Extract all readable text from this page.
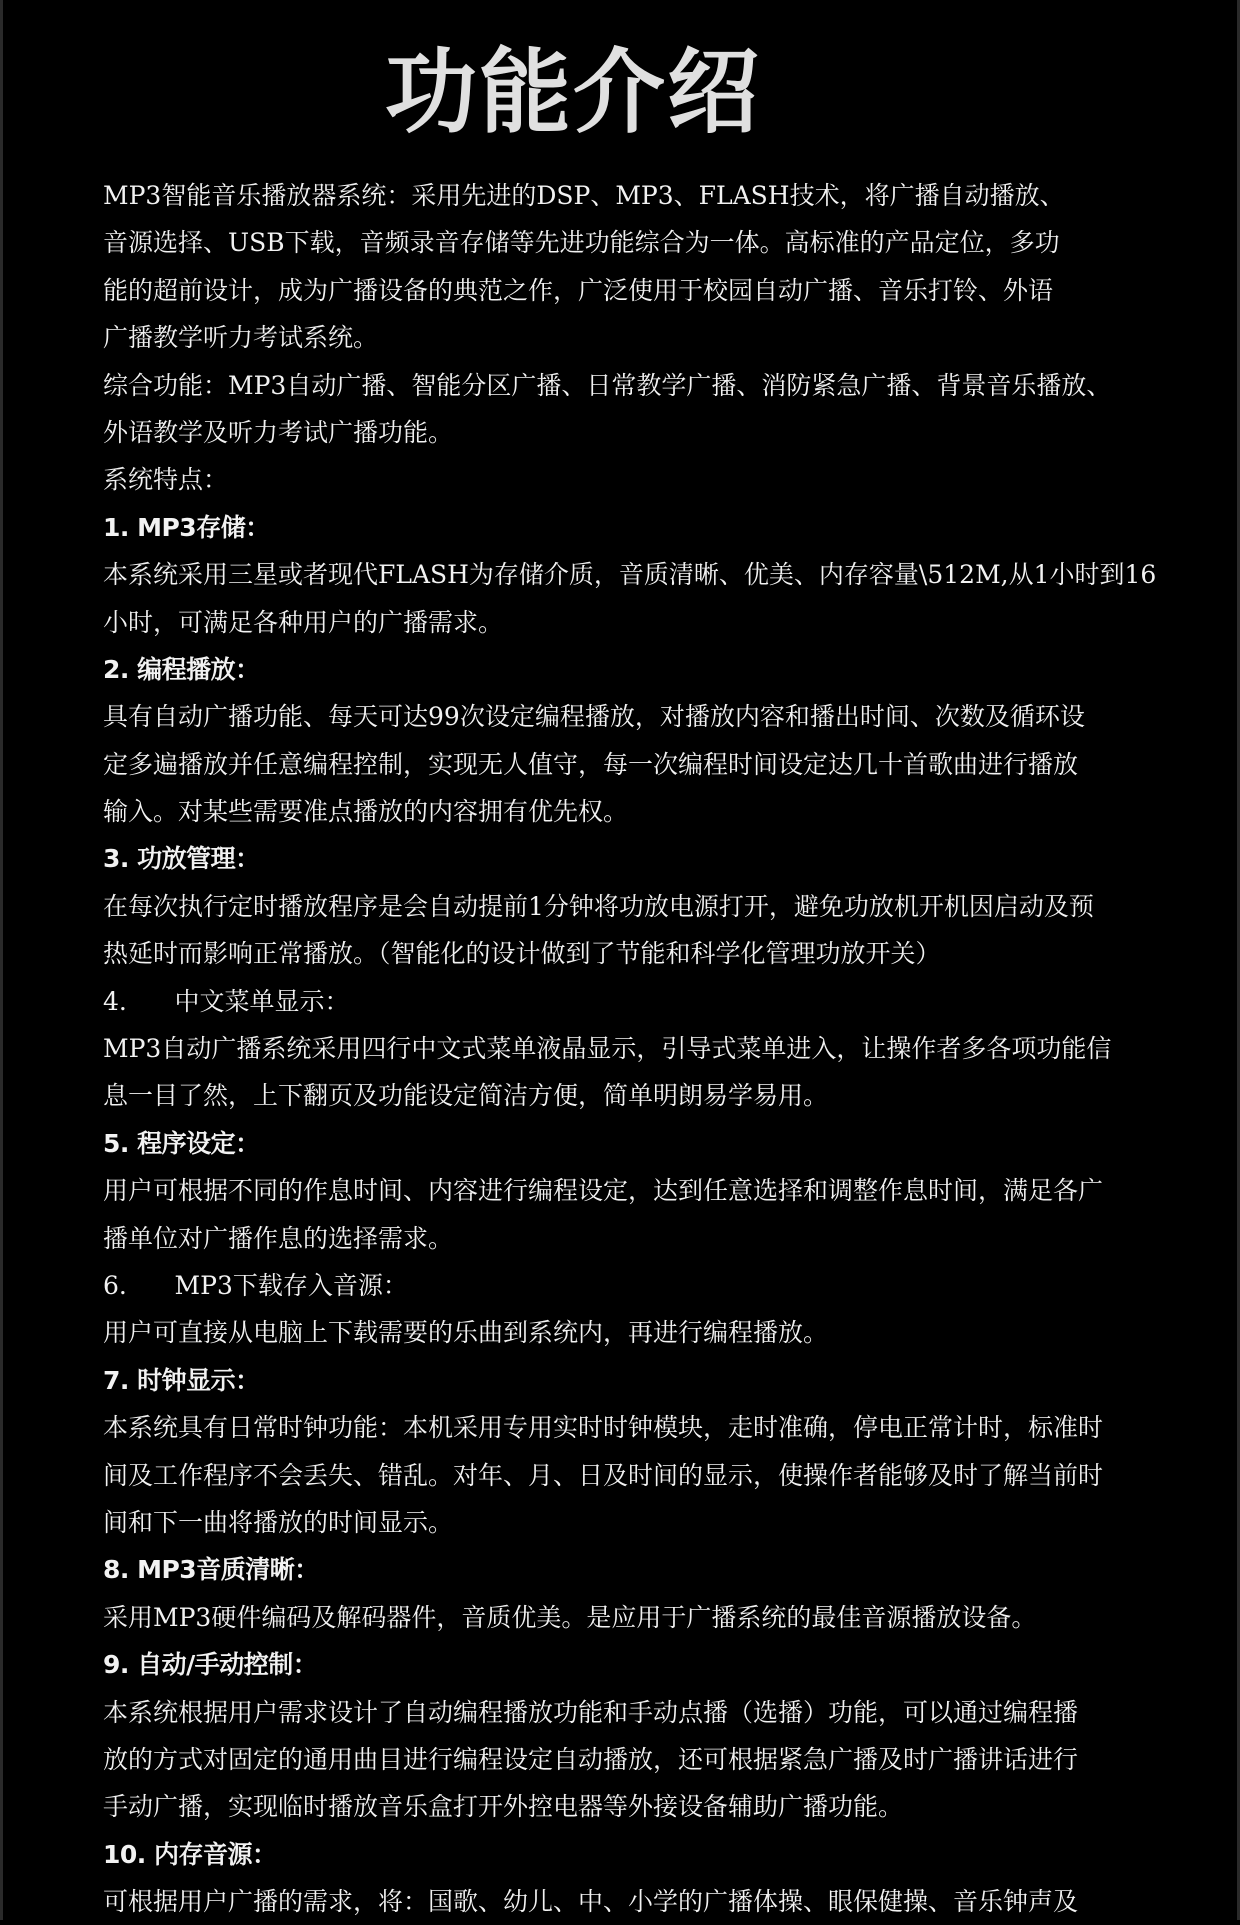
功能介绍
MP3智能音乐播放器系统：采用先进的DSP、MP3、FLASH技术，将广播自动播放、
音源选择、USB下载，音频录音存储等先进功能综合为一体。高标准的产品定位，多功
能的超前设计，成为广播设备的典范之作，广泛使用于校园自动广播、音乐打铃、外语
广播教学听力考试系统。
综合功能：MP3自动广播、智能分区广播、日常教学广播、消防紧急广播、背景音乐播放、
外语教学及听力考试广播功能。
系统特点：
1. MP3存储：
本系统采用三星或者现代FLASH为存储介质，音质清晰、优美、内存容量\512M,从1小时到16
小时，可满足各种用户的广播需求。
2. 编程播放：
具有自动广播功能、每天可达99次设定编程播放，对播放内容和播出时间、次数及循环设
定多遍播放并任意编程控制，实现无人值守，每一次编程时间设定达几十首歌曲进行播放
输入。对某些需要准点播放的内容拥有优先权。
3. 功放管理：
在每次执行定时播放程序是会自动提前1分钟将功放电源打开，避免功放机开机因启动及预
热延时而影响正常播放。（智能化的设计做到了节能和科学化管理功放开关）
4.      中文菜单显示：
MP3自动广播系统采用四行中文式菜单液晶显示，引导式菜单进入，让操作者多各项功能信
息一目了然，上下翻页及功能设定简洁方便，简单明朗易学易用。
5. 程序设定：
用户可根据不同的作息时间、内容进行编程设定，达到任意选择和调整作息时间，满足各广
播单位对广播作息的选择需求。
6.      MP3下载存入音源：
用户可直接从电脑上下载需要的乐曲到系统内，再进行编程播放。
7. 时钟显示：
本系统具有日常时钟功能：本机采用专用实时时钟模块，走时准确，停电正常计时，标准时
间及工作程序不会丢失、错乱。对年、月、日及时间的显示，使操作者能够及时了解当前时
间和下一曲将播放的时间显示。
8. MP3音质清晰：
采用MP3硬件编码及解码器件，音质优美。是应用于广播系统的最佳音源播放设备。
9. 自动/手动控制：
本系统根据用户需求设计了自动编程播放功能和手动点播（选播）功能，可以通过编程播
放的方式对固定的通用曲目进行编程设定自动播放，还可根据紧急广播及时广播讲话进行
手动广播，实现临时播放音乐盒打开外控电器等外接设备辅助广播功能。
10. 内存音源：
可根据用户广播的需求，将：国歌、幼儿、中、小学的广播体操、眼保健操、音乐钟声及
